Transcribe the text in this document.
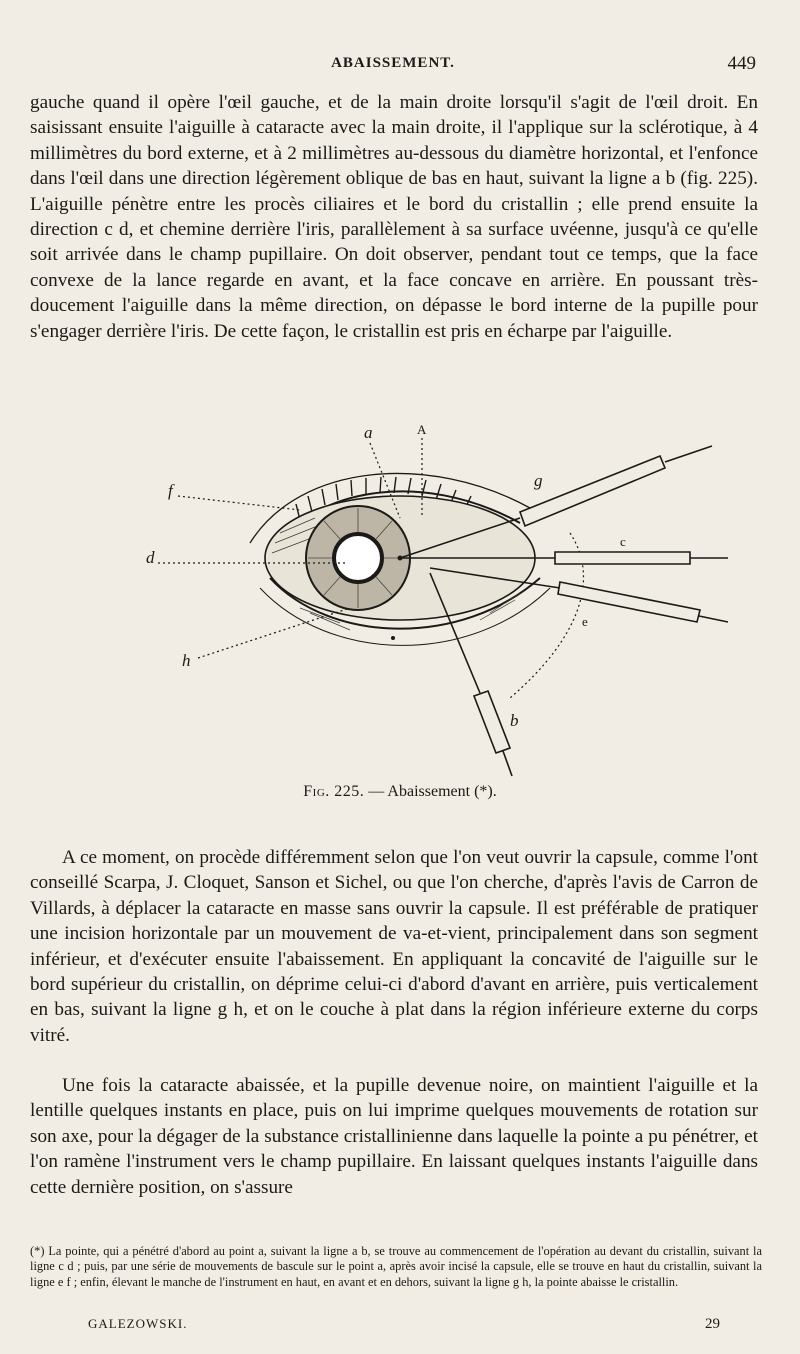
ABAISSEMENT.	449

gauche quand il opère l'œil gauche, et de la main droite lorsqu'il s'agit de l'œil droit. En saisissant ensuite l'aiguille à cataracte avec la main droite, il l'applique sur la sclérotique, à 4 millimètres du bord externe, et à 2 millimètres au-dessous du diamètre horizontal, et l'enfonce dans l'œil dans une direction légèrement oblique de bas en haut, suivant la ligne a b (fig. 225). L'aiguille pénètre entre les procès ciliaires et le bord du cristallin ; elle prend ensuite la direction c d, et chemine derrière l'iris, parallèlement à sa surface uvéenne, jusqu'à ce qu'elle soit arrivée dans le champ pupillaire. On doit observer, pendant tout ce temps, que la face convexe de la lance regarde en avant, et la face concave en arrière. En poussant très-doucement l'aiguille dans la même direction, on dépasse le bord interne de la pupille pour s'engager derrière l'iris. De cette façon, le cristallin est pris en écharpe par l'aiguille.

a	A
f
g
c
d
e
h
b
Fig. 225. — Abaissement (*).

A ce moment, on procède différemment selon que l'on veut ouvrir la capsule, comme l'ont conseillé Scarpa, J. Cloquet, Sanson et Sichel, ou que l'on cherche, d'après l'avis de Carron de Villards, à déplacer la cataracte en masse sans ouvrir la capsule. Il est préférable de pratiquer une incision horizontale par un mouvement de va-et-vient, principalement dans son segment inférieur, et d'exécuter ensuite l'abaissement. En appliquant la concavité de l'aiguille sur le bord supérieur du cristallin, on déprime celui-ci d'abord d'avant en arrière, puis verticalement en bas, suivant la ligne g h, et on le couche à plat dans la région inférieure externe du corps vitré.

Une fois la cataracte abaissée, et la pupille devenue noire, on maintient l'aiguille et la lentille quelques instants en place, puis on lui imprime quelques mouvements de rotation sur son axe, pour la dégager de la substance cristallinienne dans laquelle la pointe a pu pénétrer, et l'on ramène l'instrument vers le champ pupillaire. En laissant quelques instants l'aiguille dans cette dernière position, on s'assure

(*) La pointe, qui a pénétré d'abord au point a, suivant la ligne a b, se trouve au commencement de l'opération au devant du cristallin, suivant la ligne c d ; puis, par une série de mouvements de bascule sur le point a, après avoir incisé la capsule, elle se trouve en haut du cristallin, suivant la ligne e f ; enfin, élevant le manche de l'instrument en haut, en avant et en dehors, suivant la ligne g h, la pointe abaisse le cristallin.

GALEZOWSKI.	29
